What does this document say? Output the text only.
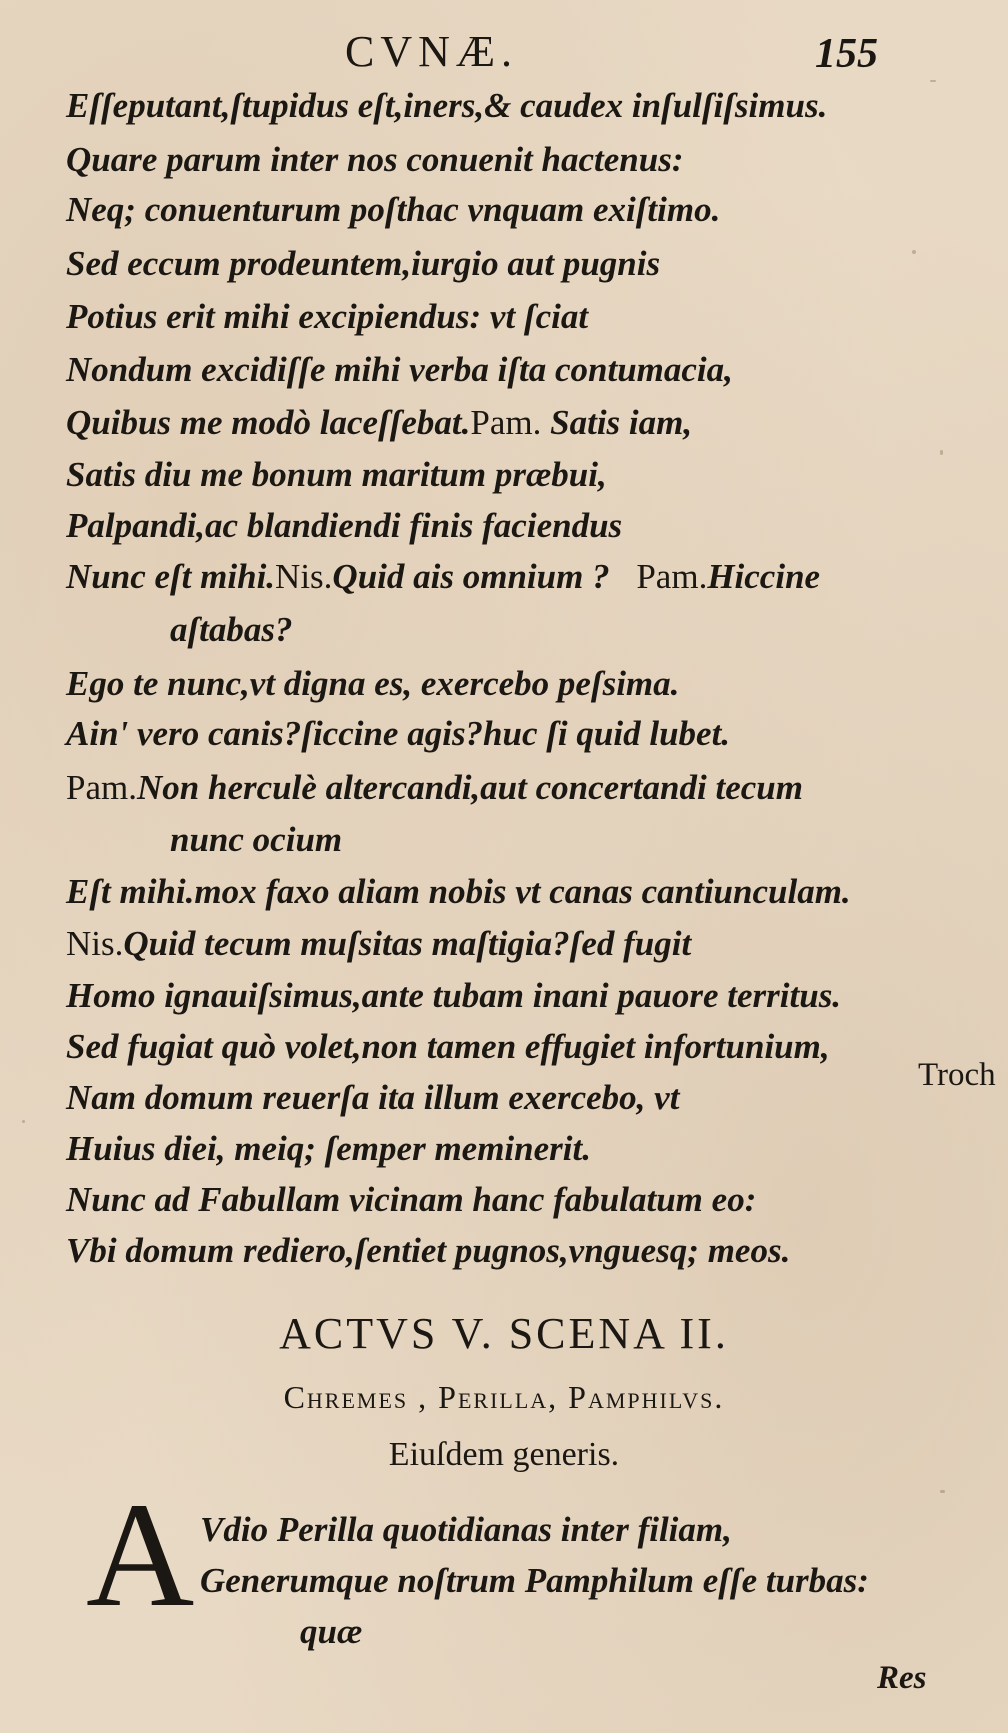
CVNÆ.	155
Eſſeputant,ſtupidus eſt,iners,& caudex inſulſiſsimus.
Quare parum inter nos conuenit hactenus:
Neq; conuenturum poſthac vnquam exiſtimo.
Sed eccum prodeuntem,iurgio aut pugnis
Potius erit mihi excipiendus: vt ſciat
Nondum excidiſſe mihi verba iſta contumacia,
Quibus me modò laceſſebat.Pam. Satis iam,
Satis diu me bonum maritum præbui,
Palpandi,ac blandiendi finis faciendus
Nunc eſt mihi.Nis.Quid ais omnium ? Pam.Hiccine
aſtabas?
Ego te nunc,vt digna es, exercebo peſsima.
Ain' vero canis?ſiccine agis?huc ſi quid lubet.
Pam.Non herculè altercandi,aut concertandi tecum
nunc ocium
Eſt mihi.mox faxo aliam nobis vt canas cantiunculam.
Nis.Quid tecum muſsitas maſtigia?ſed fugit
Homo ignauiſsimus,ante tubam inani pauore territus.
Sed fugiat quò volet,non tamen effugiet infortunium,
Nam domum reuerſa ita illum exercebo, vt
Huius diei, meiq; ſemper meminerit.
Nunc ad Fabullam vicinam hanc fabulatum eo:
Vbi domum rediero,ſentiet pugnos,vnguesq; meos.
Troch
ACTVS V. SCENA II.
Chremes , Perilla, Pamphilvs.
Eiuſdem generis.
A Vdio Perilla quotidianas inter filiam,
Generumque noſtrum Pamphilum eſſe turbas:
quæ
Res
